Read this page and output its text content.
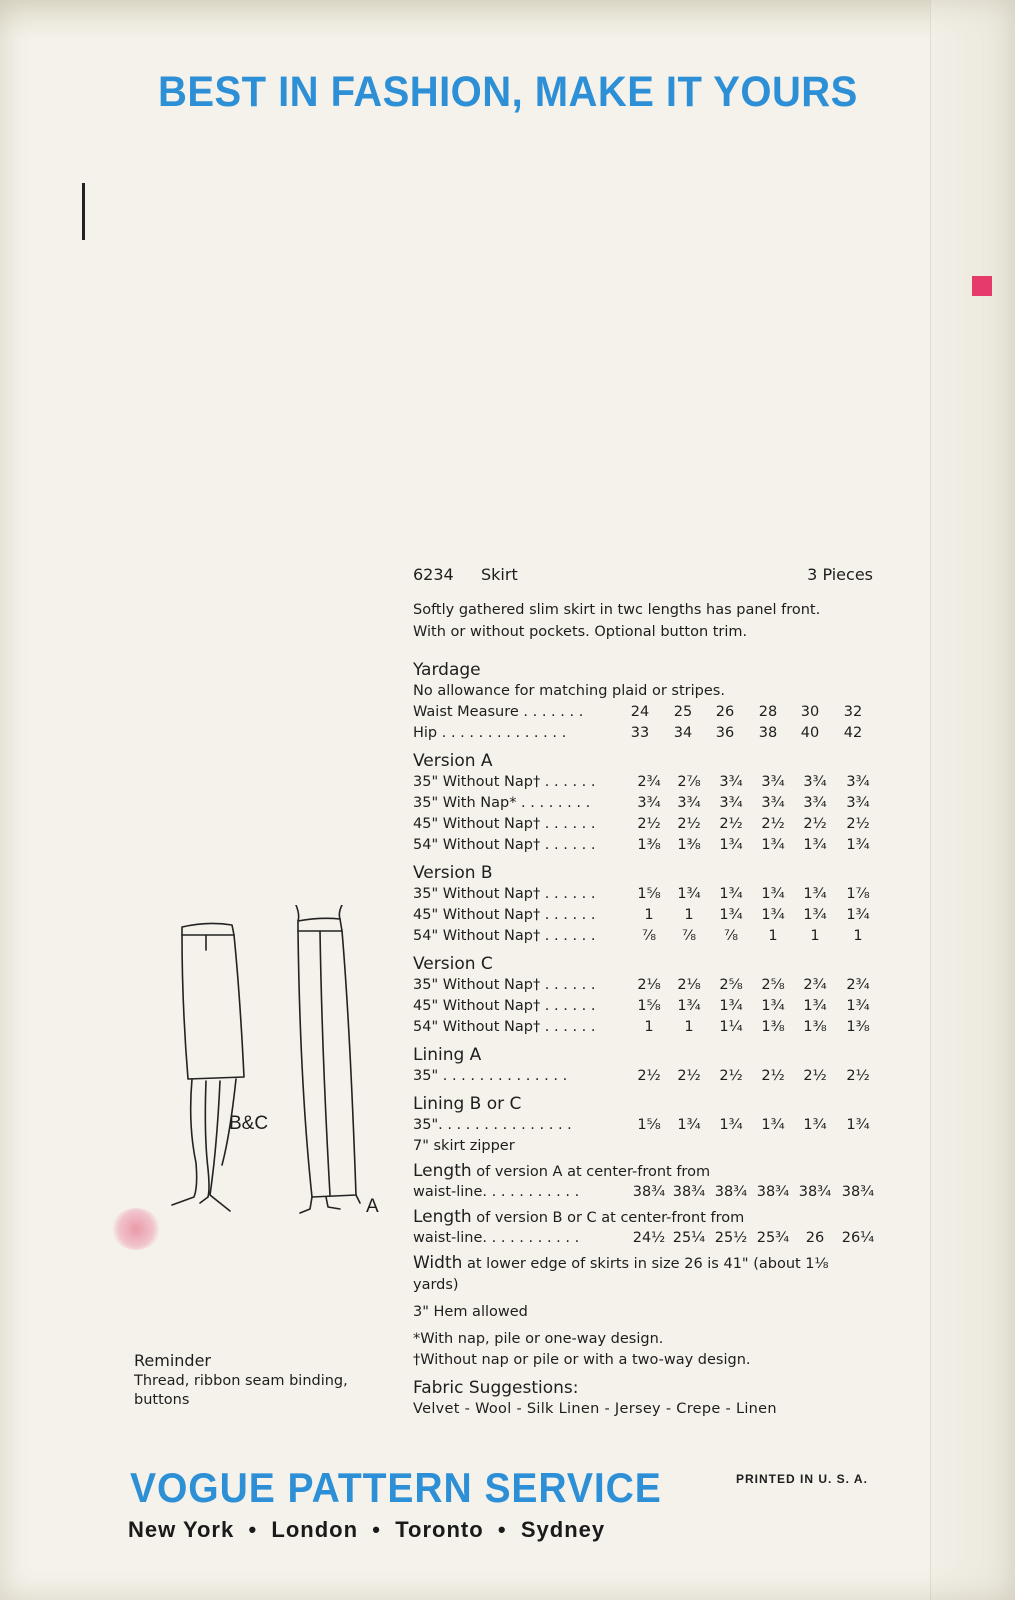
BEST IN FASHION, MAKE IT YOURS
B&C
A
6234 Skirt	3 Pieces
Softly gathered slim skirt in twc lengths has panel front.
With or without pockets. Optional button trim.
Yardage
No allowance for matching plaid or stripes.
Waist Measure . . . . . . .	24	25	26	28	30	32
Hip . . . . . . . . . . . . . .	33	34	36	38	40	42
Version A
35" Without Nap† . . . . . .	2¾	2⅞	3¾	3¾	3¾	3¾
35" With Nap* . . . . . . . .	3¾	3¾	3¾	3¾	3¾	3¾
45" Without Nap† . . . . . .	2½	2½	2½	2½	2½	2½
54" Without Nap† . . . . . .	1⅜	1⅜	1¾	1¾	1¾	1¾
Version B
35" Without Nap† . . . . . .	1⅝	1¾	1¾	1¾	1¾	1⅞
45" Without Nap† . . . . . .	1	1	1¾	1¾	1¾	1¾
54" Without Nap† . . . . . .	⅞	⅞	⅞	1	1	1
Version C
35" Without Nap† . . . . . .	2⅛	2⅛	2⅝	2⅝	2¾	2¾
45" Without Nap† . . . . . .	1⅝	1¾	1¾	1¾	1¾	1¾
54" Without Nap† . . . . . .	1	1	1¼	1⅜	1⅜	1⅜
Lining A
35" . . . . . . . . . . . . . .	2½	2½	2½	2½	2½	2½
Lining B or C
35". . . . . . . . . . . . . . .	1⅝	1¾	1¾	1¾	1¾	1¾
7" skirt zipper
Length of version A at center-front from
waist-line. . . . . . . . . . .	38¾ 38¾ 38¾ 38¾ 38¾ 38¾
Length of version B or C at center-front from
waist-line. . . . . . . . . . .	24½ 25¼ 25½ 25¾	26	26¼
Width at lower edge of skirts in size 26 is 41" (about 1⅛
yards)
3" Hem allowed
*With nap, pile or one-way design.
†Without nap or pile or with a two-way design.
Fabric Suggestions:
Velvet - Wool - Silk Linen - Jersey - Crepe - Linen
Reminder
Thread, ribbon seam binding,
buttons
VOGUE PATTERN SERVICE
New York • London • Toronto • Sydney
PRINTED IN U. S. A.
